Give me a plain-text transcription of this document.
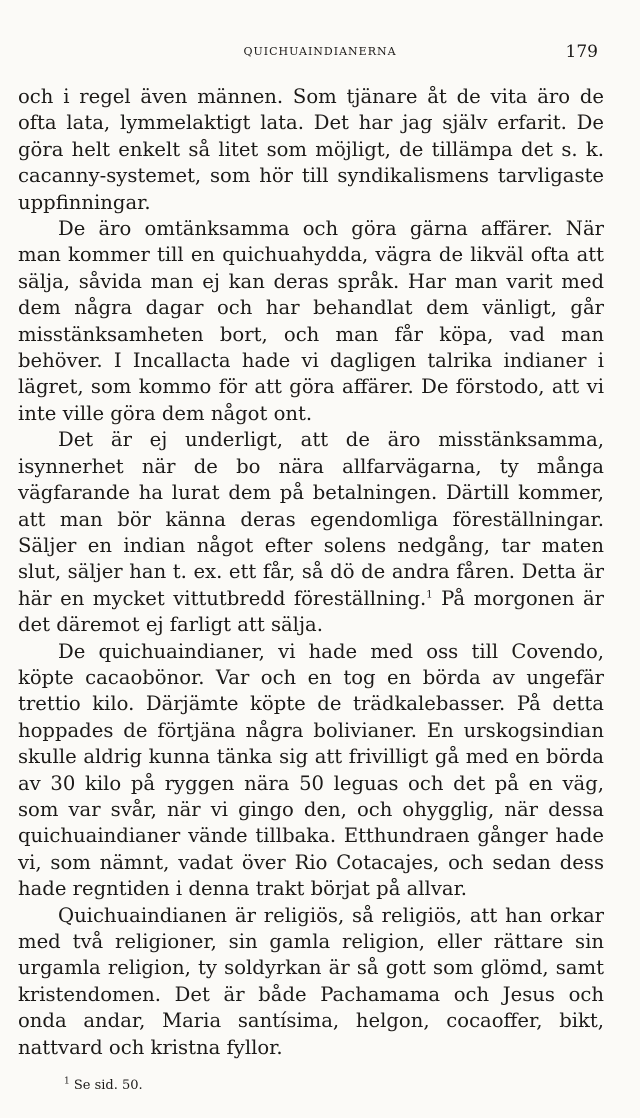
QUICHUAINDIANERNA	179

och i regel även männen. Som tjänare åt de vita äro de ofta lata, lymmelaktigt lata. Det har jag själv erfarit. De göra helt enkelt så litet som möjligt, de tillämpa det s. k. cacanny-systemet, som hör till syndikalismens tarvligaste uppfinningar.

De äro omtänksamma och göra gärna affärer. När man kommer till en quichuahydda, vägra de likväl ofta att sälja, såvida man ej kan deras språk. Har man varit med dem några dagar och har behandlat dem vänligt, går misstänksamheten bort, och man får köpa, vad man behöver. I Incallacta hade vi dagligen talrika indianer i lägret, som kommo för att göra affärer. De förstodo, att vi inte ville göra dem något ont.

Det är ej underligt, att de äro misstänksamma, isynnerhet när de bo nära allfarvägarna, ty många vägfarande ha lurat dem på betalningen. Därtill kommer, att man bör känna deras egendomliga föreställningar. Säljer en indian något efter solens nedgång, tar maten slut, säljer han t. ex. ett får, så dö de andra fåren. Detta är här en mycket vittutbredd föreställning.$^1$ På morgonen är det däremot ej farligt att sälja.

De quichuaindianer, vi hade med oss till Covendo, köpte cacaobönor. Var och en tog en börda av ungefär trettio kilo. Därjämte köpte de trädkalebasser. På detta hoppades de förtjäna några bolivianer. En urskogsindian skulle aldrig kunna tänka sig att frivilligt gå med en börda av 30 kilo på ryggen nära 50 leguas och det på en väg, som var svår, när vi gingo den, och ohygglig, när dessa quichuaindianer vände tillbaka. Etthundraen gånger hade vi, som nämnt, vadat över Rio Cotacajes, och sedan dess hade regntiden i denna trakt börjat på allvar.

Quichuaindianen är religiös, så religiös, att han orkar med två religioner, sin gamla religion, eller rättare sin urgamla religion, ty soldyrkan är så gott som glömd, samt kristendomen. Det är både Pachamama och Jesus och onda andar, Maria santísima, helgon, cocaoffer, bikt, nattvard och kristna fyllor.

$^1$ Se sid. 50.
